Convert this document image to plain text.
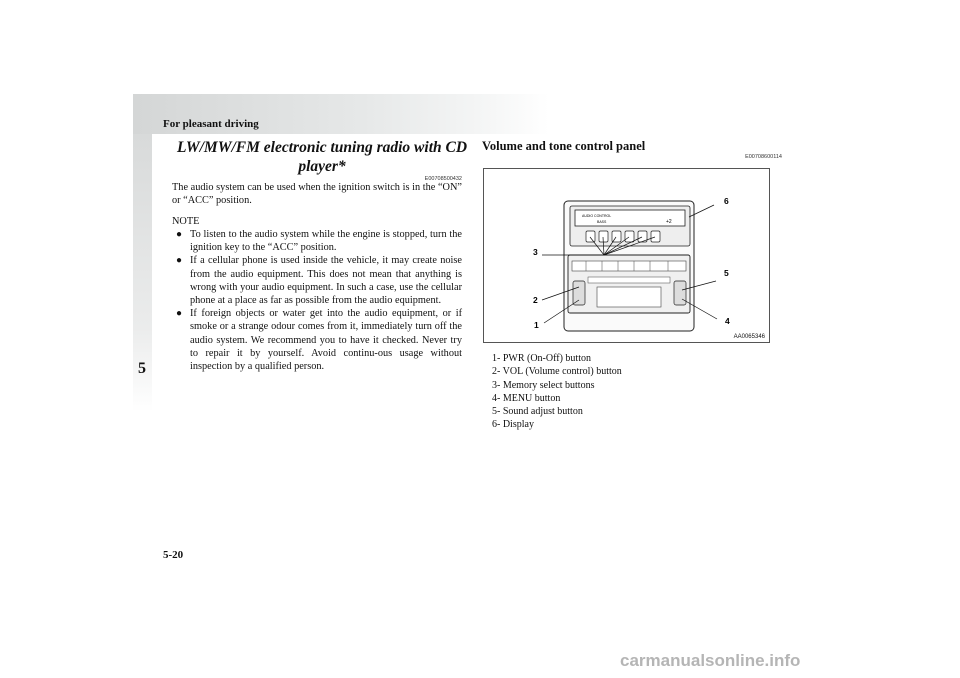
For pleasant driving
5
LW/MW/FM electronic tuning radio with CD player*
E00708500432

The audio system can be used when the ignition switch is in the “ON” or “ACC” position.

NOTE
● To listen to the audio system while the engine is stopped, turn the ignition key to the “ACC” position.
● If a cellular phone is used inside the vehicle, it may create noise from the audio equipment. This does not mean that anything is wrong with your audio equipment. In such a case, use the cellular phone at a place as far as possible from the audio equipment.
● If foreign objects or water get into the audio equipment, or if smoke or a strange odour comes from it, immediately turn off the audio system. We recommend you to have it checked. Never try to repair it by yourself. Avoid continu-ous usage without inspection by a qualified person.
Volume and tone control panel
E00708600114
AUDIO CONTROL
BASS	+2
3
2
1	4
5
6
AA0065346
1- PWR (On-Off) button
2- VOL (Volume control) button
3- Memory select buttons
4- MENU button
5- Sound adjust button
6- Display
5-20
carmanualsonline.info
